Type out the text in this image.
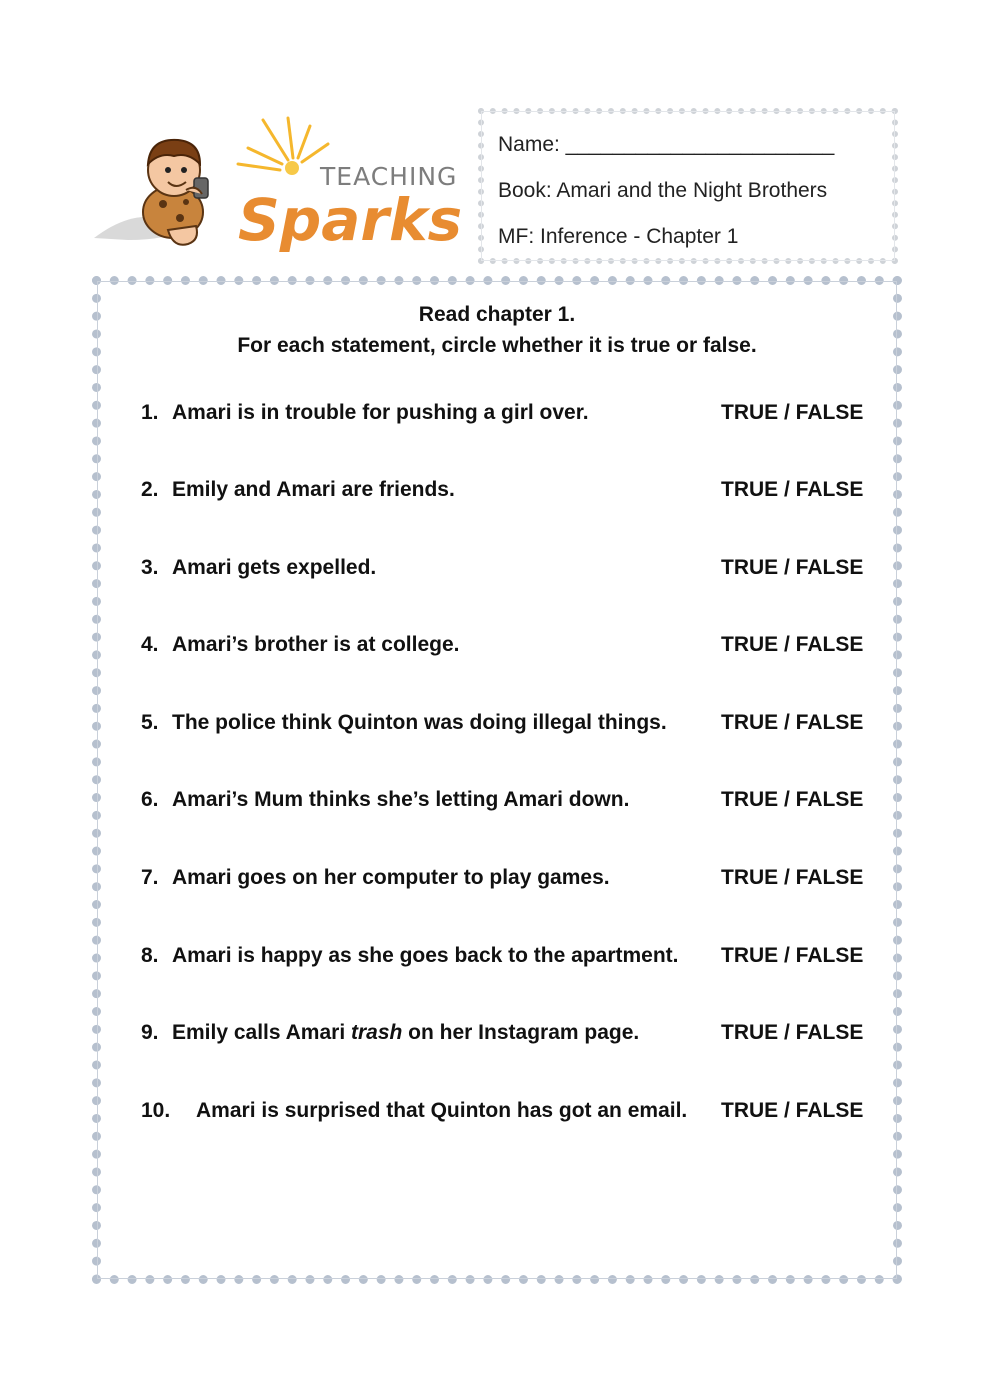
TEACHING
Sparks
Name: _______________________
Book: Amari and the Night Brothers
MF: Inference - Chapter 1
Read chapter 1.
For each statement, circle whether it is true or false.
1. Amari is in trouble for pushing a girl over.	TRUE / FALSE
2. Emily and Amari are friends.	TRUE / FALSE
3. Amari gets expelled.	TRUE / FALSE
4. Amari’s brother is at college.	TRUE / FALSE
5. The police think Quinton was doing illegal things.	TRUE / FALSE
6. Amari’s Mum thinks she’s letting Amari down.	TRUE / FALSE
7. Amari goes on her computer to play games.	TRUE / FALSE
8. Amari is happy as she goes back to the apartment. TRUE / FALSE
9. Emily calls Amari trash on her Instagram page.	TRUE / FALSE
10. Amari is surprised that Quinton has got an email. TRUE / FALSE
